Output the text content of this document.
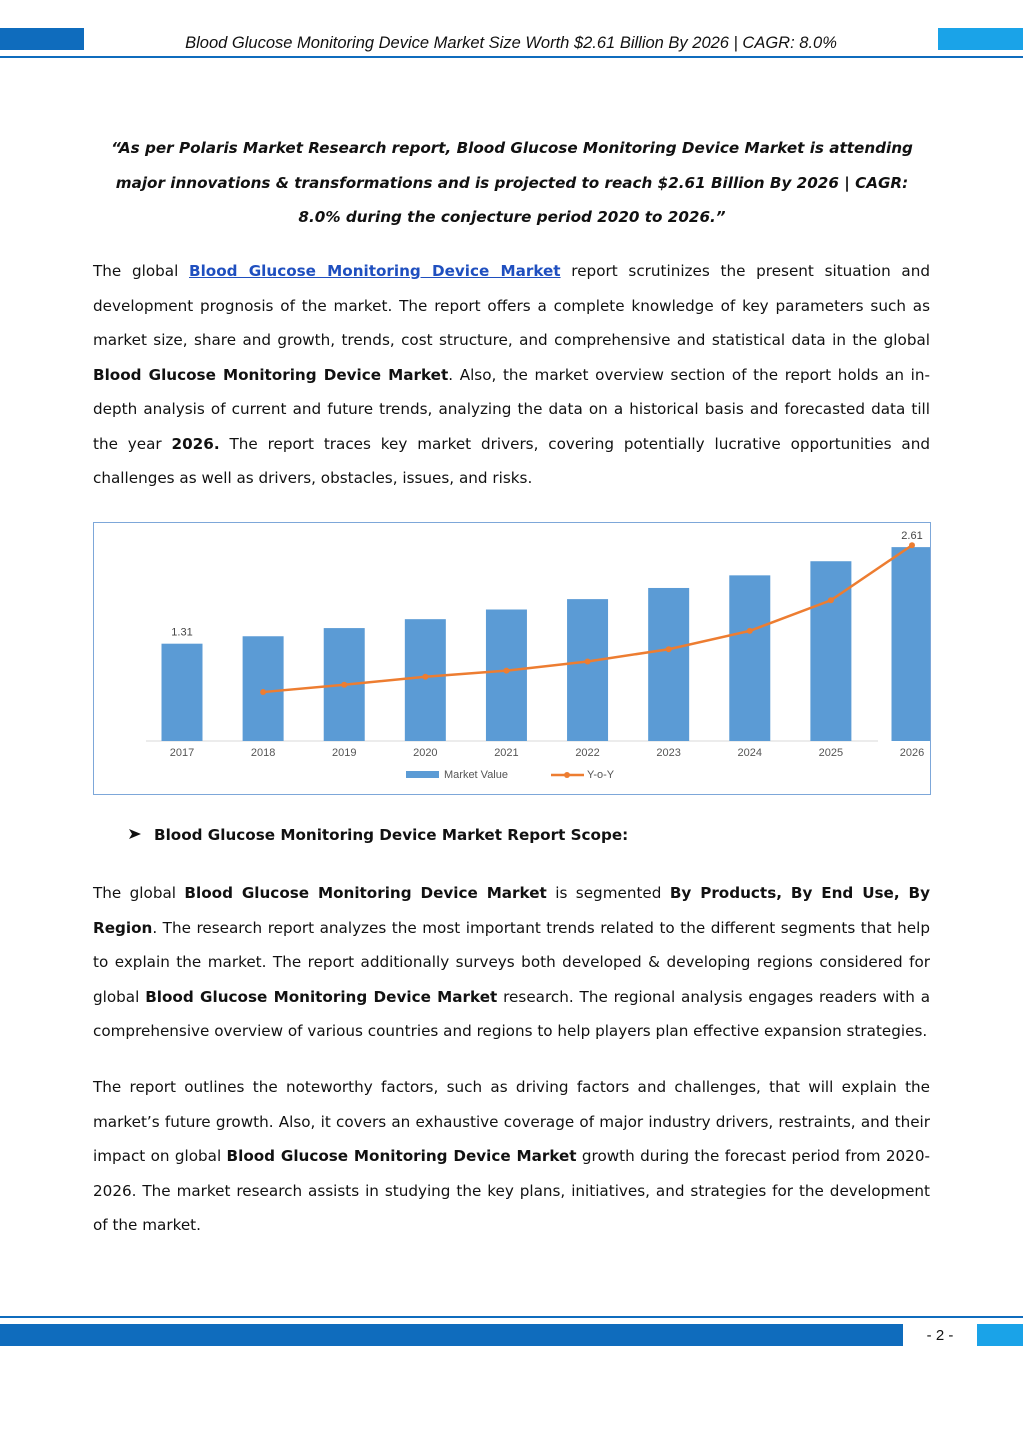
Blood Glucose Monitoring Device Market Size Worth $2.61 Billion By 2026 | CAGR: 8.0%
“As per Polaris Market Research report, Blood Glucose Monitoring Device Market is attending major innovations & transformations and is projected to reach $2.61 Billion By 2026 | CAGR: 8.0% during the conjecture period 2020 to 2026.”
The global Blood Glucose Monitoring Device Market report scrutinizes the present situation and development prognosis of the market. The report offers a complete knowledge of key parameters such as market size, share and growth, trends, cost structure, and comprehensive and statistical data in the global Blood Glucose Monitoring Device Market. Also, the market overview section of the report holds an in-depth analysis of current and future trends, analyzing the data on a historical basis and forecasted data till the year 2026. The report traces key market drivers, covering potentially lucrative opportunities and challenges as well as drivers, obstacles, issues, and risks.
2017	2018	2019	2020	2021	2022	2023	2024	2025	2026
1.31
2.61
Market Value	Y-o-Y
Blood Glucose Monitoring Device Market Report Scope:
The global Blood Glucose Monitoring Device Market is segmented By Products, By End Use, By Region. The research report analyzes the most important trends related to the different segments that help to explain the market. The report additionally surveys both developed & developing regions considered for global Blood Glucose Monitoring Device Market research. The regional analysis engages readers with a comprehensive overview of various countries and regions to help players plan effective expansion strategies.
The report outlines the noteworthy factors, such as driving factors and challenges, that will explain the market’s future growth. Also, it covers an exhaustive coverage of major industry drivers, restraints, and their impact on global Blood Glucose Monitoring Device Market growth during the forecast period from 2020-2026. The market research assists in studying the key plans, initiatives, and strategies for the development of the market.
- 2 -
